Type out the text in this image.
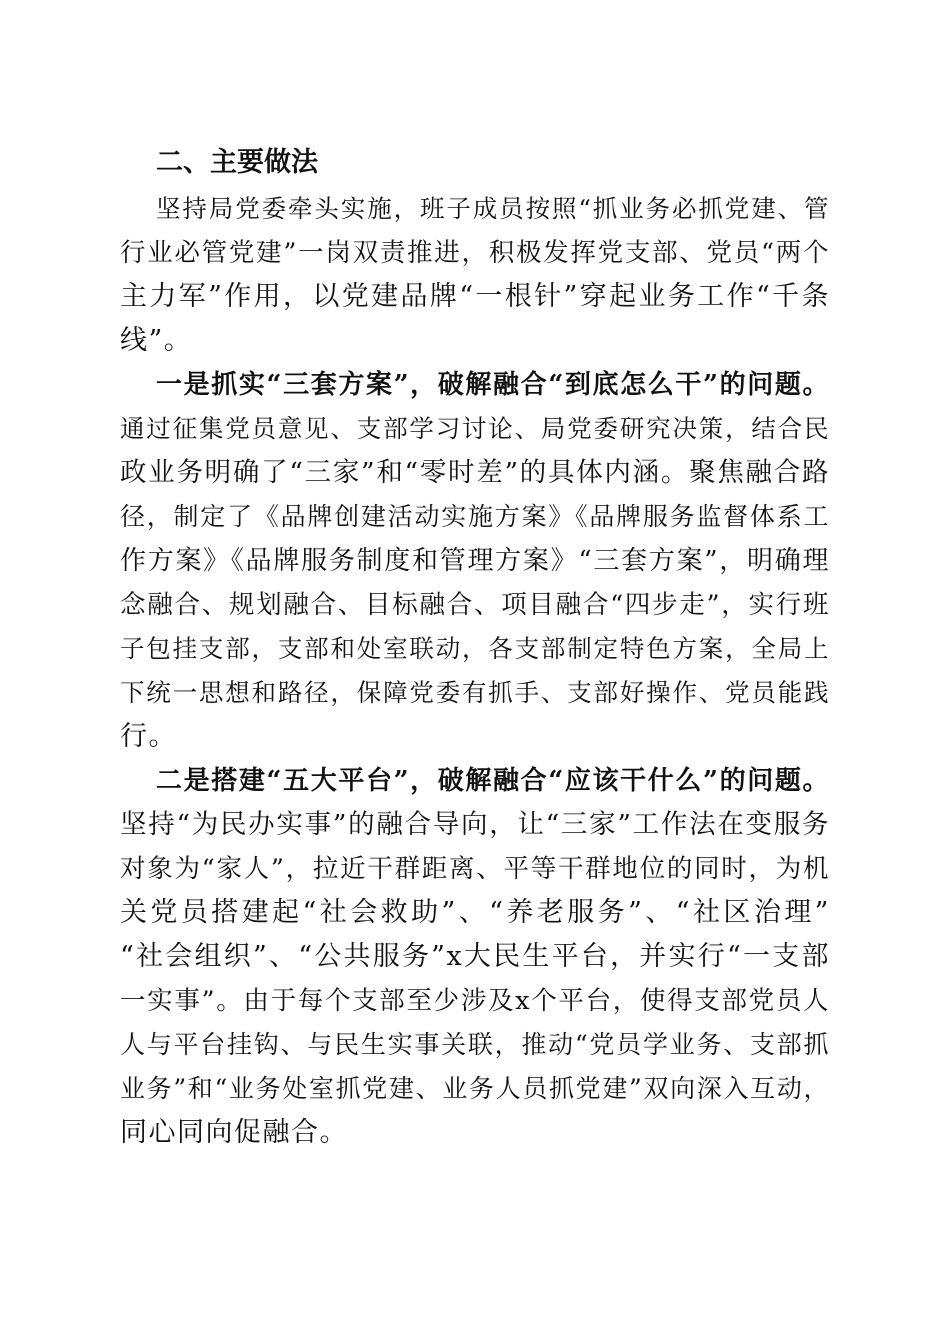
二、主要做法
坚持局党委牵头实施，班子成员按照“抓业务必抓党建、管
行业必管党建”一岗双责推进，积极发挥党支部、党员“两个
主力军”作用，以党建品牌“一根针”穿起业务工作“千条
线”。
一是抓实“三套方案”，破解融合“到底怎么干”的问题。
通过征集党员意见、支部学习讨论、局党委研究决策，结合民
政业务明确了“三家”和“零时差”的具体内涵。聚焦融合路
径，制定了《品牌创建活动实施方案》《品牌服务监督体系工
作方案》《品牌服务制度和管理方案》“三套方案”，明确理
念融合、规划融合、目标融合、项目融合“四步走”，实行班
子包挂支部，支部和处室联动，各支部制定特色方案，全局上
下统一思想和路径，保障党委有抓手、支部好操作、党员能践
行。
二是搭建“五大平台”，破解融合“应该干什么”的问题。
坚持“为民办实事”的融合导向，让“三家”工作法在变服务
对象为“家人”，拉近干群距离、平等干群地位的同时，为机
关党员搭建起“社会救助”、“养老服务”、“社区治理”
“社会组织”、“公共服务”x大民生平台，并实行“一支部
一实事”。由于每个支部至少涉及x个平台，使得支部党员人
人与平台挂钩、与民生实事关联，推动“党员学业务、支部抓
业务”和“业务处室抓党建、业务人员抓党建”双向深入互动，
同心同向促融合。
